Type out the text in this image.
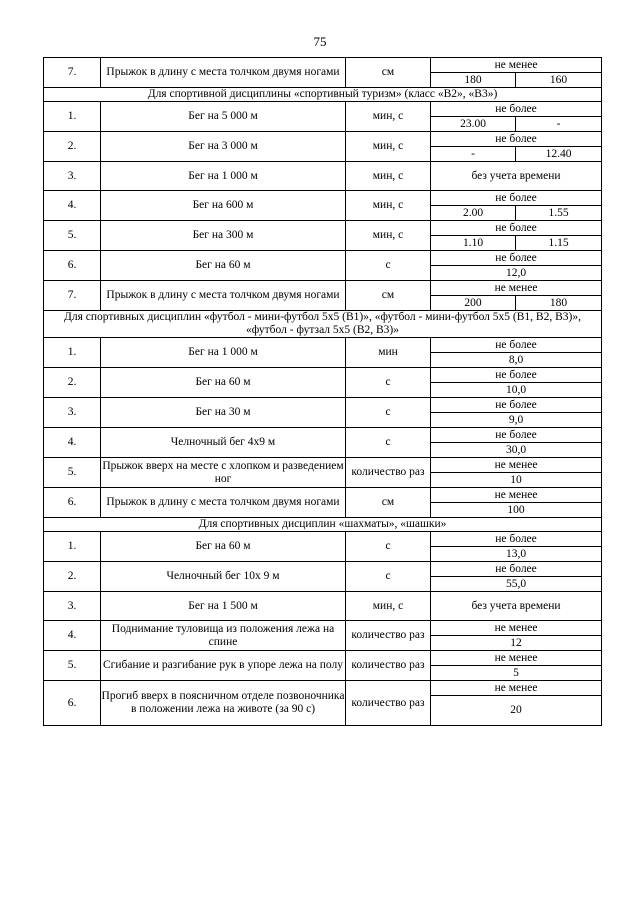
75
7.	Прыжок в длину с места толчком двумя ногами	см	не менее	
			180	160
Для спортивной дисциплины «спортивный туризм» (класс «В2», «В3»)				
1.	Бег на 5 000 м	мин, с	не более	
			23.00	-
2.	Бег на 3 000 м	мин, с	не более	
			-	12.40
3.	Бег на 1 000 м	мин, с	без учета времени	
4.	Бег на 600 м	мин, с	не более	
			2.00	1.55
5.	Бег на 300 м	мин, с	не более	
			1.10	1.15
6.	Бег на 60 м	с	не более	
			12,0	
7.	Прыжок в длину с места толчком двумя ногами	см	не менее	
			200	180
Для спортивных дисциплин «футбол - мини-футбол 5х5 (В1)», «футбол - мини-футбол 5х5 (В1, В2, В3)», «футбол - футзал 5х5 (В2, В3)»				
1.	Бег на 1 000 м	мин	не более	
			8,0	
2.	Бег на 60 м	с	не более	
			10,0	
3.	Бег на 30 м	с	не более	
			9,0	
4.	Челночный бег 4х9 м	с	не более	
			30,0	
5.	Прыжок вверх на месте с хлопком и разведением ног	количество раз	не менее	
			10	
6.	Прыжок в длину с места толчком двумя ногами	см	не менее	
			100	
Для спортивных дисциплин «шахматы», «шашки»				
1.	Бег на 60 м	с	не более	
			13,0	
2.	Челночный бег 10х 9 м	с	не более	
			55,0	
3.	Бег на 1 500 м	мин, с	без учета времени	
4.	Поднимание туловища из положения лежа на спине	количество раз	не менее	
			12	
5.	Сгибание и разгибание рук в упоре лежа на полу	количество раз	не менее	
			5	
6.	Прогиб вверх в поясничном отделе позвоночника в положении лежа на животе (за 90 с)	количество раз	не менее	
			20	
